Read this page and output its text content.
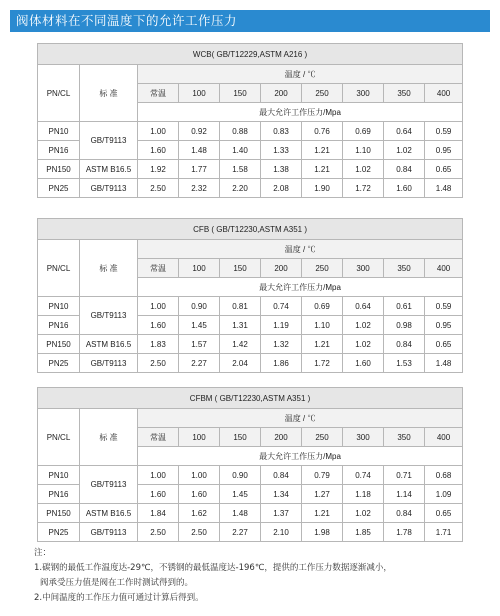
阀体材料在不同温度下的允许工作压力
WCB( GB/T12229,ASTM A216 )									
PN/CL	标 准	温度 / ℃							
		常温	100	150	200	250	300	350	400
		最大允许工作压力/Mpa							
PN10	GB/T9113	1.00	0.92	0.88	0.83	0.76	0.69	0.64	0.59
PN16		1.60	1.48	1.40	1.33	1.21	1.10	1.02	0.95
PN150	ASTM B16.5	1.92	1.77	1.58	1.38	1.21	1.02	0.84	0.65
PN25	GB/T9113	2.50	2.32	2.20	2.08	1.90	1.72	1.60	1.48
CFB ( GB/T12230,ASTM A351 )									
PN/CL	标 准	温度 / ℃							
		常温	100	150	200	250	300	350	400
		最大允许工作压力/Mpa							
PN10	GB/T9113	1.00	0.90	0.81	0.74	0.69	0.64	0.61	0.59
PN16		1.60	1.45	1.31	1.19	1.10	1.02	0.98	0.95
PN150	ASTM B16.5	1.83	1.57	1.42	1.32	1.21	1.02	0.84	0.65
PN25	GB/T9113	2.50	2.27	2.04	1.86	1.72	1.60	1.53	1.48
CFBM ( GB/T12230,ASTM A351 )									
PN/CL	标 准	温度 / ℃							
		常温	100	150	200	250	300	350	400
		最大允许工作压力/Mpa							
PN10	GB/T9113	1.00	1.00	0.90	0.84	0.79	0.74	0.71	0.68
PN16		1.60	1.60	1.45	1.34	1.27	1.18	1.14	1.09
PN150	ASTM B16.5	1.84	1.62	1.48	1.37	1.21	1.02	0.84	0.65
PN25	GB/T9113	2.50	2.50	2.27	2.10	1.98	1.85	1.78	1.71
注：
1.碳钢的最低工作温度达-29℃，不锈钢的最低温度达-196℃，提供的工作压力数据逐渐减小，
阀承受压力值是阀在工作时测试得到的。
2.中间温度的工作压力值可通过计算后得到。
